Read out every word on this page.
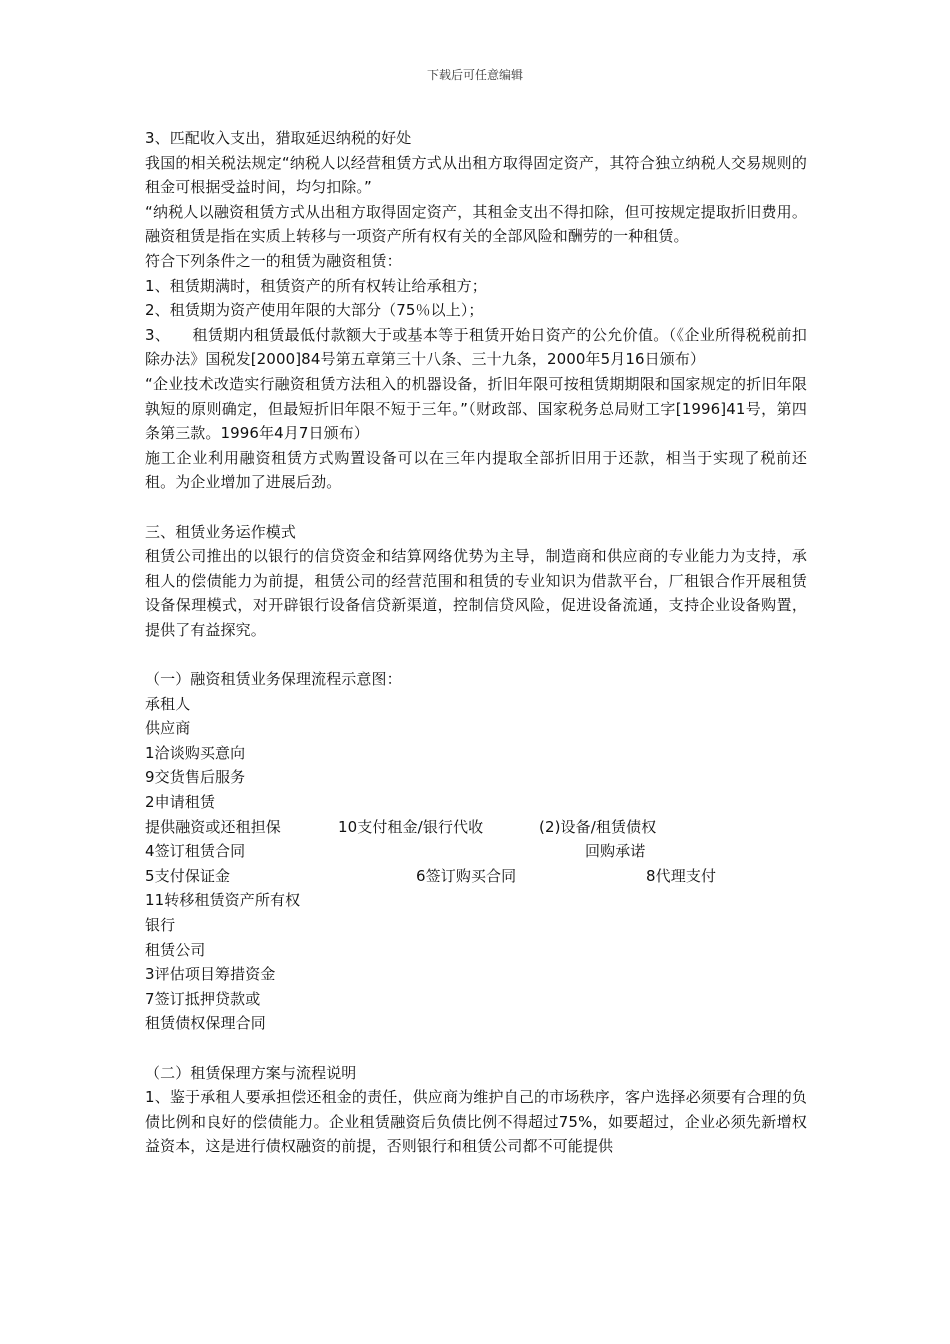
下载后可任意编辑

3、匹配收入支出，猎取延迟纳税的好处

我国的相关税法规定“纳税人以经营租赁方式从出租方取得固定资产，其符合独立纳税人交易规则的租金可根据受益时间，均匀扣除。”

“纳税人以融资租赁方式从出租方取得固定资产，其租金支出不得扣除，但可按规定提取折旧费用。融资租赁是指在实质上转移与一项资产所有权有关的全部风险和酬劳的一种租赁。

符合下列条件之一的租赁为融资租赁：

1、租赁期满时，租赁资产的所有权转让给承租方；

2、租赁期为资产使用年限的大部分（75％以上）；

3、 租赁期内租赁最低付款额大于或基本等于租赁开始日资产的公允价值。（《企业所得税税前扣除办法》国税发[2000]84号第五章第三十八条、三十九条，2000年5月16日颁布）

“企业技术改造实行融资租赁方法租入的机器设备，折旧年限可按租赁期期限和国家规定的折旧年限孰短的原则确定，但最短折旧年限不短于三年。”（财政部、国家税务总局财工字[1996]41号，第四条第三款。1996年4月7日颁布）

施工企业利用融资租赁方式购置设备可以在三年内提取全部折旧用于还款，相当于实现了税前还租。为企业增加了进展后劲。

三、租赁业务运作模式

租赁公司推出的以银行的信贷资金和结算网络优势为主导，制造商和供应商的专业能力为支持，承租人的偿债能力为前提，租赁公司的经营范围和租赁的专业知识为借款平台，厂租银合作开展租赁设备保理模式，对开辟银行设备信贷新渠道，控制信贷风险，促进设备流通，支持企业设备购置，提供了有益探究。

（一）融资租赁业务保理流程示意图：

承租人

供应商

1洽谈购买意向

9交货售后服务

2申请租赁

提供融资或还租担保	10支付租金/银行代收	(2)设备/租赁债权
4签订租赁合同	回购承诺
5支付保证金	6签订购买合同	8代理支付

11转移租赁资产所有权

银行

租赁公司

3评估项目筹措资金

7签订抵押贷款或

租赁债权保理合同

（二）租赁保理方案与流程说明

1、鉴于承租人要承担偿还租金的责任，供应商为维护自己的市场秩序，客户选择必须要有合理的负债比例和良好的偿债能力。企业租赁融资后负债比例不得超过75%，如要超过，企业必须先新增权益资本，这是进行债权融资的前提，否则银行和租赁公司都不可能提供
